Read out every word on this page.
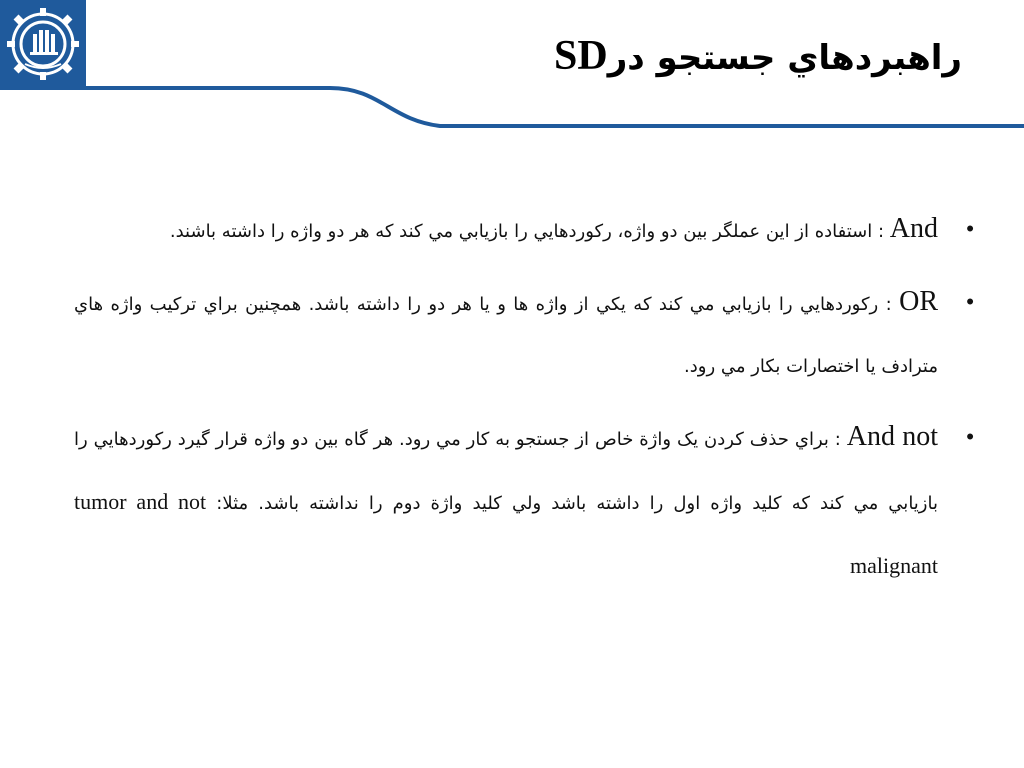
راهبردهاي جستجو درSD
•
And : استفاده از اين عملگر بين دو واژه، ركوردهايي را بازيابي مي كند كه هر دو واژه را داشته باشند.
•
OR : ركوردهايي را بازيابي مي كند كه يكي از واژه ها و يا هر دو را داشته باشد. همچنين براي تركيب واژه هاي مترادف يا اختصارات بكار مي رود.
•
And not : براي حذف كردن يک واژة خاص از جستجو به كار مي رود. هر گاه بين دو واژه قرار گيرد ركوردهايي را بازيابي مي كند كه كليد واژه اول را داشته باشد ولي كليد واژة دوم را نداشته باشد. مثلا: tumor and not malignant
